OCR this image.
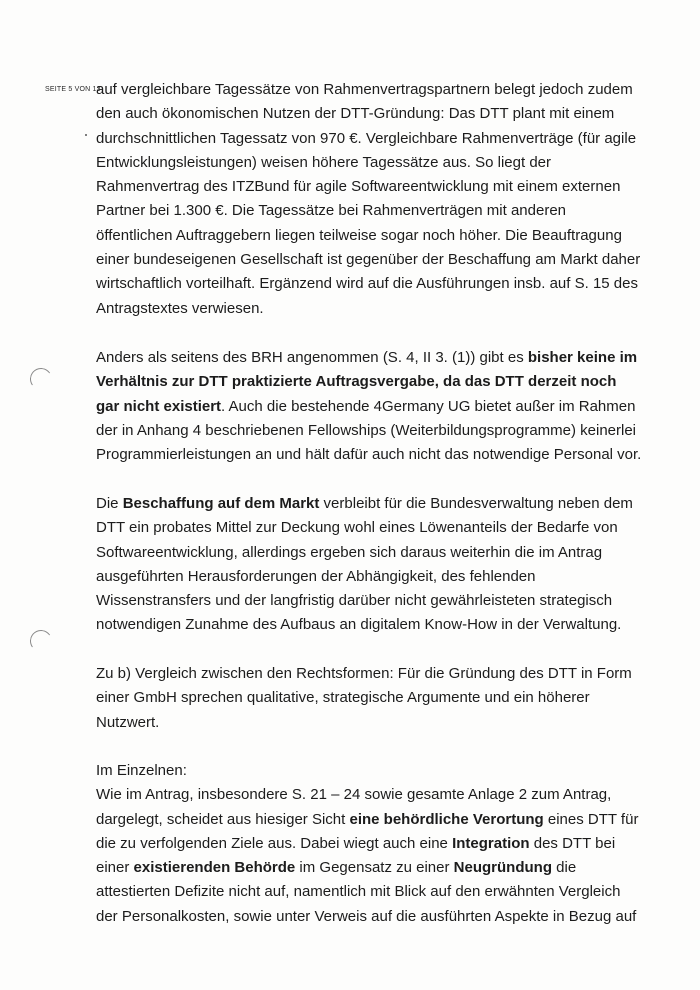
SEITE 5 VON 13
auf vergleichbare Tagessätze von Rahmenvertragspartnern belegt jedoch zudem
den auch ökonomischen Nutzen der DTT-Gründung: Das DTT plant mit einem
durchschnittlichen Tagessatz von 970 €. Vergleichbare Rahmenverträge (für agile
Entwicklungsleistungen) weisen höhere Tagessätze aus. So liegt der
Rahmenvertrag des ITZBund für agile Softwareentwicklung mit einem externen
Partner bei 1.300 €. Die Tagessätze bei Rahmenverträgen mit anderen
öffentlichen Auftraggebern liegen teilweise sogar noch höher. Die Beauftragung
einer bundeseigenen Gesellschaft ist gegenüber der Beschaffung am Markt daher
wirtschaftlich vorteilhaft. Ergänzend wird auf die Ausführungen insb. auf S. 15 des
Antragstextes verwiesen.
Anders als seitens des BRH angenommen (S. 4, II 3. (1)) gibt es bisher keine im
Verhältnis zur DTT praktizierte Auftragsvergabe, da das DTT derzeit noch
gar nicht existiert. Auch die bestehende 4Germany UG bietet außer im Rahmen
der in Anhang 4 beschriebenen Fellowships (Weiterbildungsprogramme) keinerlei
Programmierleistungen an und hält dafür auch nicht das notwendige Personal vor.
Die Beschaffung auf dem Markt verbleibt für die Bundesverwaltung neben dem
DTT ein probates Mittel zur Deckung wohl eines Löwenanteils der Bedarfe von
Softwareentwicklung, allerdings ergeben sich daraus weiterhin die im Antrag
ausgeführten Herausforderungen der Abhängigkeit, des fehlenden
Wissenstransfers und der langfristig darüber nicht gewährleisteten strategisch
notwendigen Zunahme des Aufbaus an digitalem Know-How in der Verwaltung.
Zu b) Vergleich zwischen den Rechtsformen: Für die Gründung des DTT in Form
einer GmbH sprechen qualitative, strategische Argumente und ein höherer
Nutzwert.
Im Einzelnen:
Wie im Antrag, insbesondere S. 21 – 24 sowie gesamte Anlage 2 zum Antrag,
dargelegt, scheidet aus hiesiger Sicht eine behördliche Verortung eines DTT für
die zu verfolgenden Ziele aus. Dabei wiegt auch eine Integration des DTT bei
einer existierenden Behörde im Gegensatz zu einer Neugründung die
attestierten Defizite nicht auf, namentlich mit Blick auf den erwähnten Vergleich
der Personalkosten, sowie unter Verweis auf die ausführten Aspekte in Bezug auf
